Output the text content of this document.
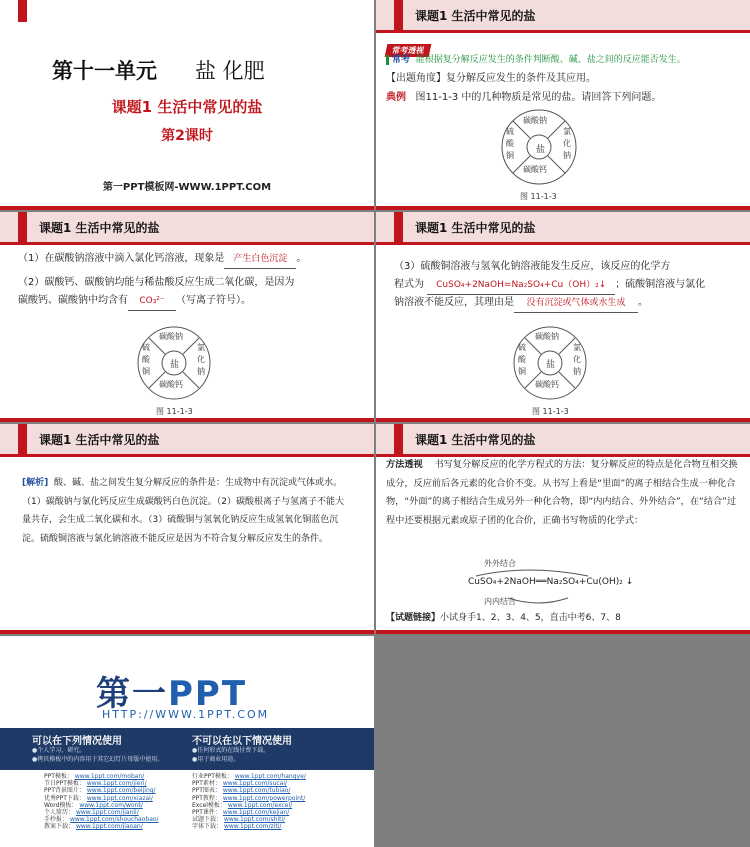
第十一单元 盐 化肥
课题1 生活中常见的盐
第2课时
第一PPT模板网-WWW.1PPT.COM
课题1 生活中常见的盐
常考透视
常考 能根据复分解反应发生的条件判断酸、碱、盐之间的反应能否发生。
【出题角度】复分解反应发生的条件及其应用。
典例 图11-1-3 中的几种物质是常见的盐。请回答下列问题。
碳酸钠
硫酸铜
盐
氯化钠
碳酸钙
图 11-1-3
课题1 生活中常见的盐
（1）在碳酸钠溶液中滴入氯化钙溶液，现象是 产生白色沉淀 。
（2）碳酸钙、碳酸钠均能与稀盐酸反应生成二氧化碳，是因为
碳酸钙、碳酸钠中均含有 CO₃²⁻ （写离子符号）。
碳酸钠
硫酸铜
盐
氯化钠
碳酸钙
图 11-1-3
课题1 生活中常见的盐
（3）硫酸铜溶液与氢氧化钠溶液能发生反应，该反应的化学方
程式为 CuSO₄+2NaOH=Na₂SO₄+Cu（OH）₂↓ ；硫酸铜溶液与氯化
钠溶液不能反应，其理由是 没有沉淀或气体或水生成 。
碳酸钠
硫酸铜
盐
氯化钠
碳酸钙
图 11-1-3
课题1 生活中常见的盐
[解析] 酸、碱、盐之间发生复分解反应的条件是：生成物中有沉淀或气体或水。（1）碳酸钠与氯化钙反应生成碳酸钙白色沉淀。（2）碳酸根离子与氢离子不能大量共存，会生成二氧化碳和水。（3）硫酸铜与氢氧化钠反应生成氢氧化铜蓝色沉淀。硫酸铜溶液与氯化钠溶液不能反应是因为不符合复分解反应发生的条件。
课题1 生活中常见的盐
方法透视 书写复分解反应的化学方程式的方法：复分解反应的特点是化合物互相交换成分，反应前后各元素的化合价不变。从书写上看是“里面”的离子相结合生成一种化合物，“外面”的离子相结合生成另外一种化合物，即“内内结合、外外结合”，在“结合”过程中还要根据元素或原子团的化合价，正确书写物质的化学式：
外外结合
CuSO₄+2NaOH══Na₂SO₄+Cu(OH)₂ ↓
内内结合
【试题链接】小试身手1、2、3、4、5，直击中考6、7、8
第一PPT
HTTP://WWW.1PPT.COM
可以在下列情况使用
●个人学习、研究。
●拷贝模板中的内容用于其它幻灯片母版中使用。
不可以在以下情况使用
●任何形式的在线付费下载。
●用于商业用途。
PPT模板： www.1ppt.com/moban/
节日PPT模板： www.1ppt.com/jieri/
PPT背景图片： www.1ppt.com/beijing/
优秀PPT下载： www.1ppt.com/xiazai/
Word模板： www.1ppt.com/word/
个人简历： www.1ppt.com/jianli/
手抄报： www.1ppt.com/shouchaobao/
教案下载： www.1ppt.com/jiaoan/
行业PPT模板： www.1ppt.com/hangye/
PPT素材： www.1ppt.com/sucai/
PPT图表： www.1ppt.com/tubiao/
PPT教程： www.1ppt.com/powerpoint/
Excel模板： www.1ppt.com/excel/
PPT课件： www.1ppt.com/kejian/
试题下载： www.1ppt.com/shiti/
字体下载： www.1ppt.com/ziti/
